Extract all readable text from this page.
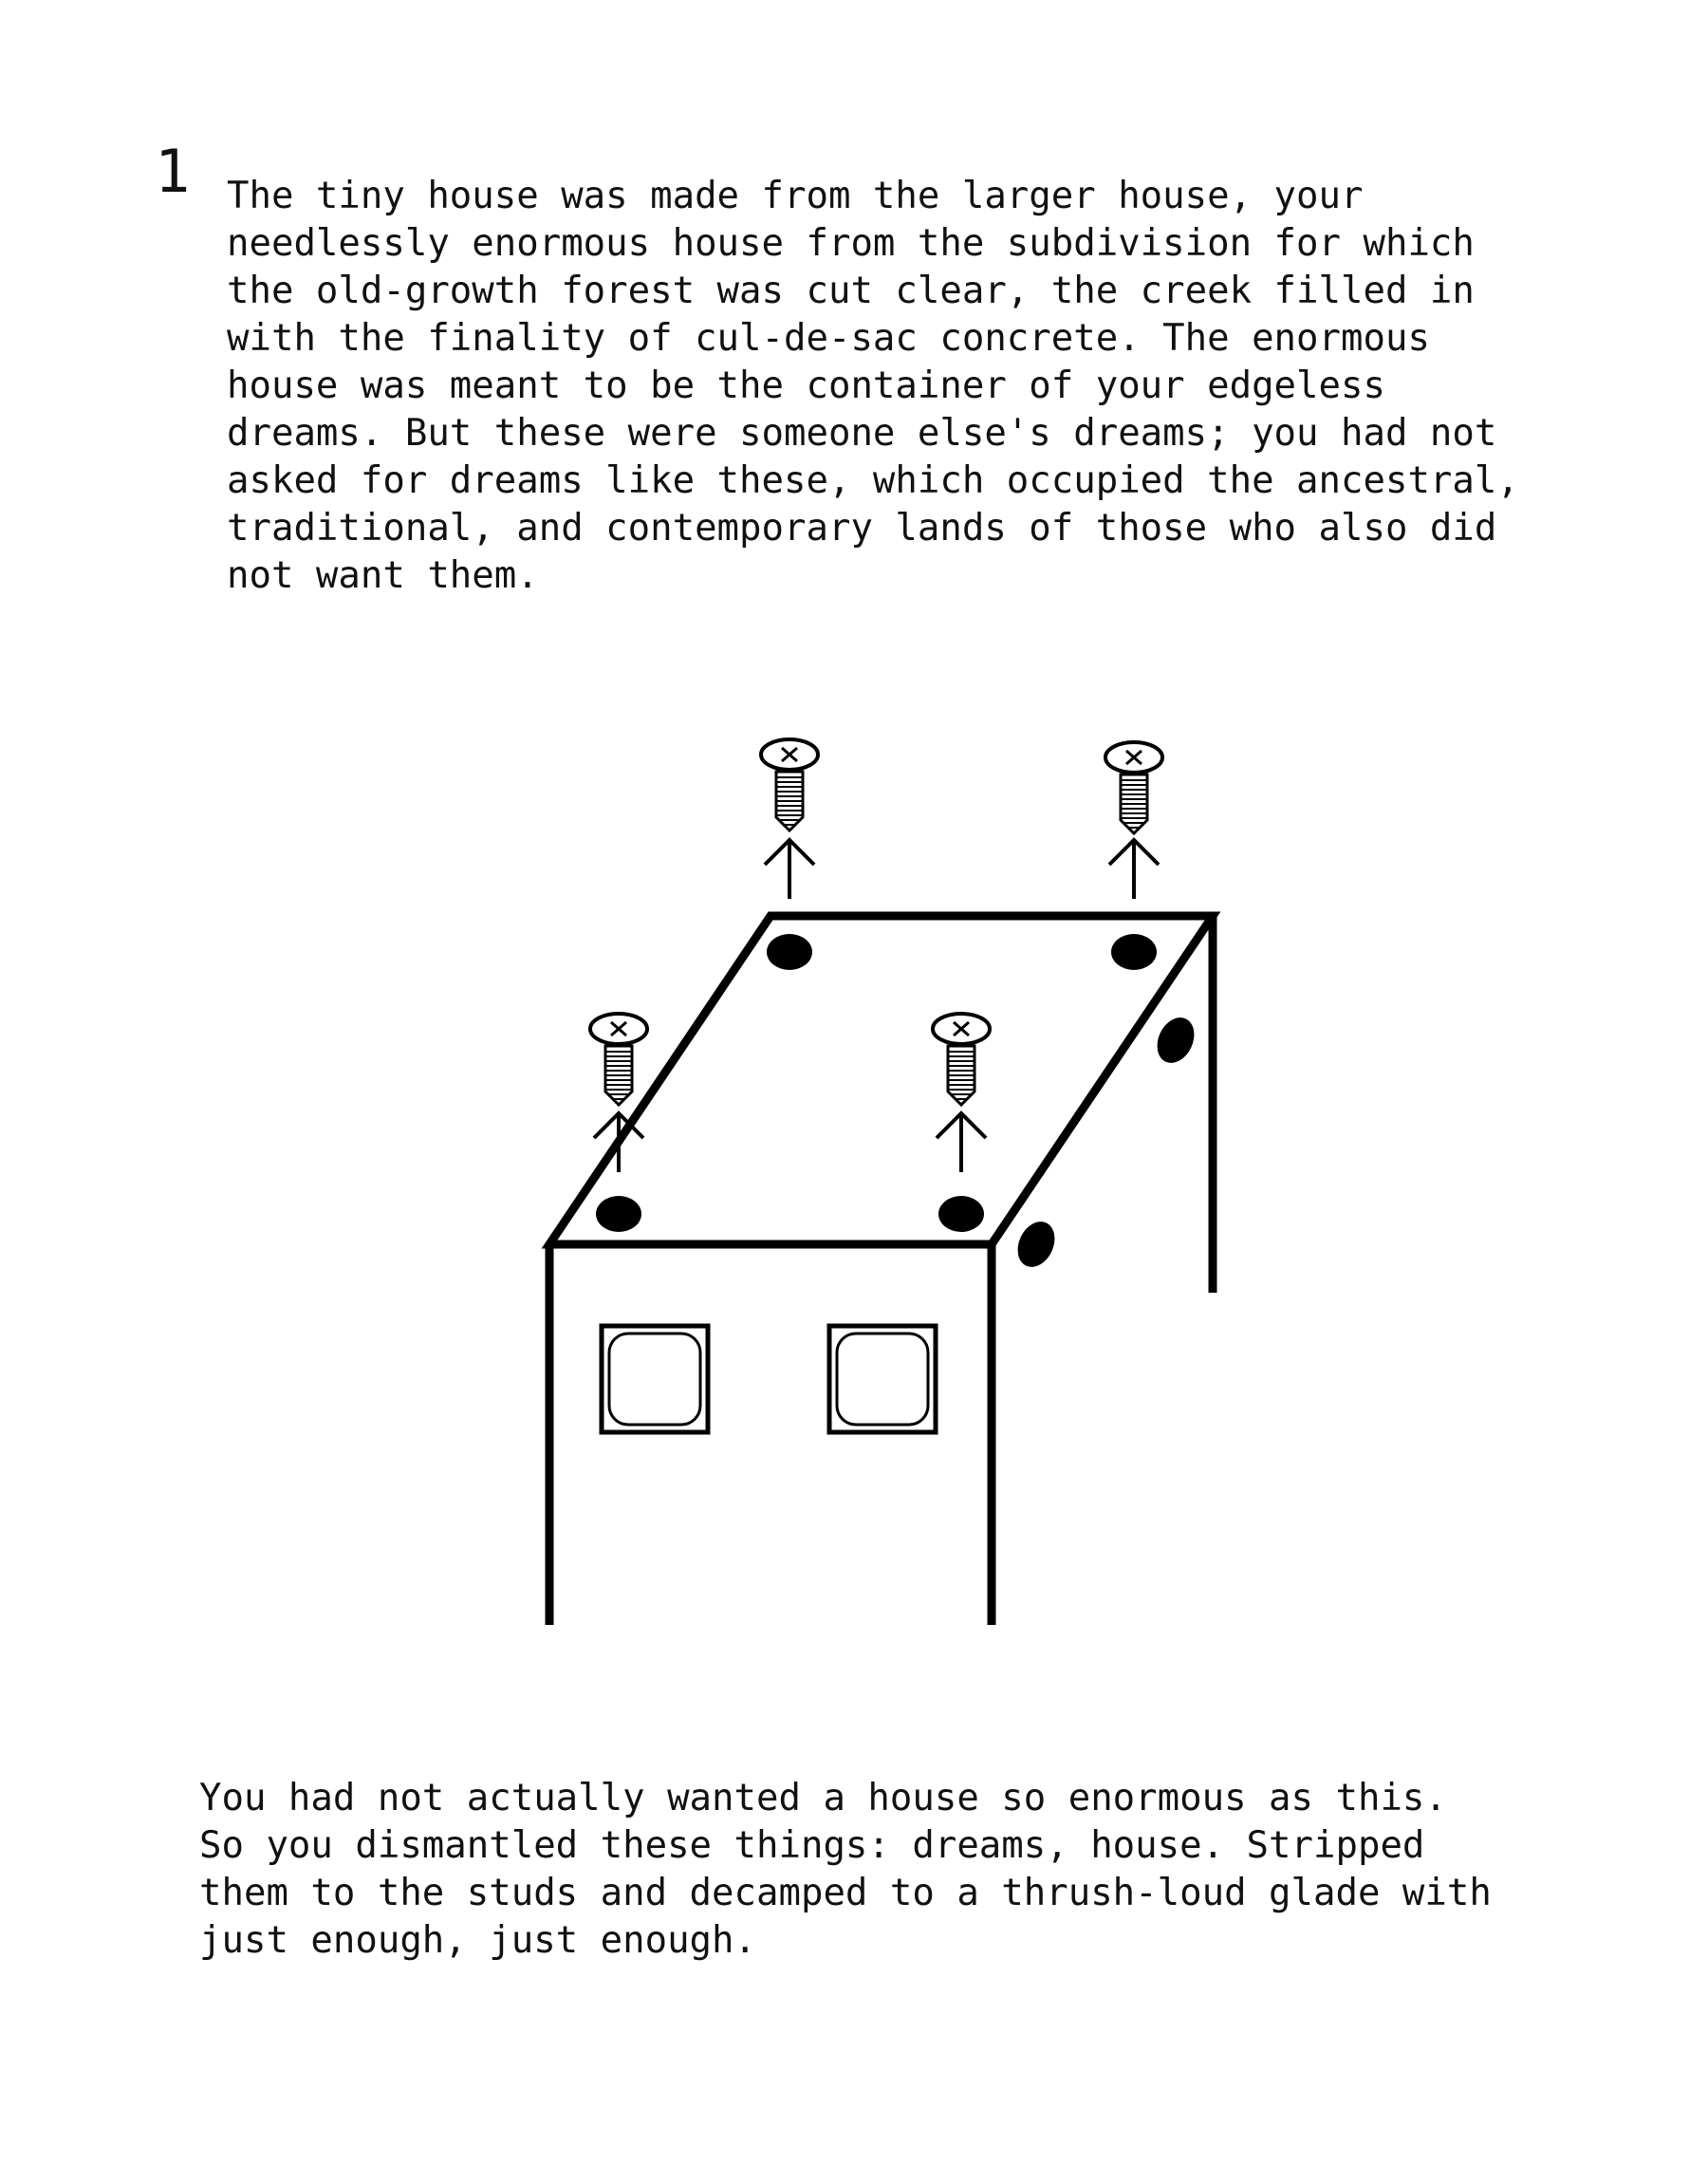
1 The tiny house was made from the larger house, your
needlessly enormous house from the subdivision for which
the old-growth forest was cut clear, the creek filled in
with the finality of cul-de-sac concrete. The enormous
house was meant to be the container of your edgeless
dreams. But these were someone else's dreams; you had not
asked for dreams like these, which occupied the ancestral,
traditional, and contemporary lands of those who also did
not want them.

You had not actually wanted a house so enormous as this.
So you dismantled these things: dreams, house. Stripped
them to the studs and decamped to a thrush-loud glade with
just enough, just enough.
